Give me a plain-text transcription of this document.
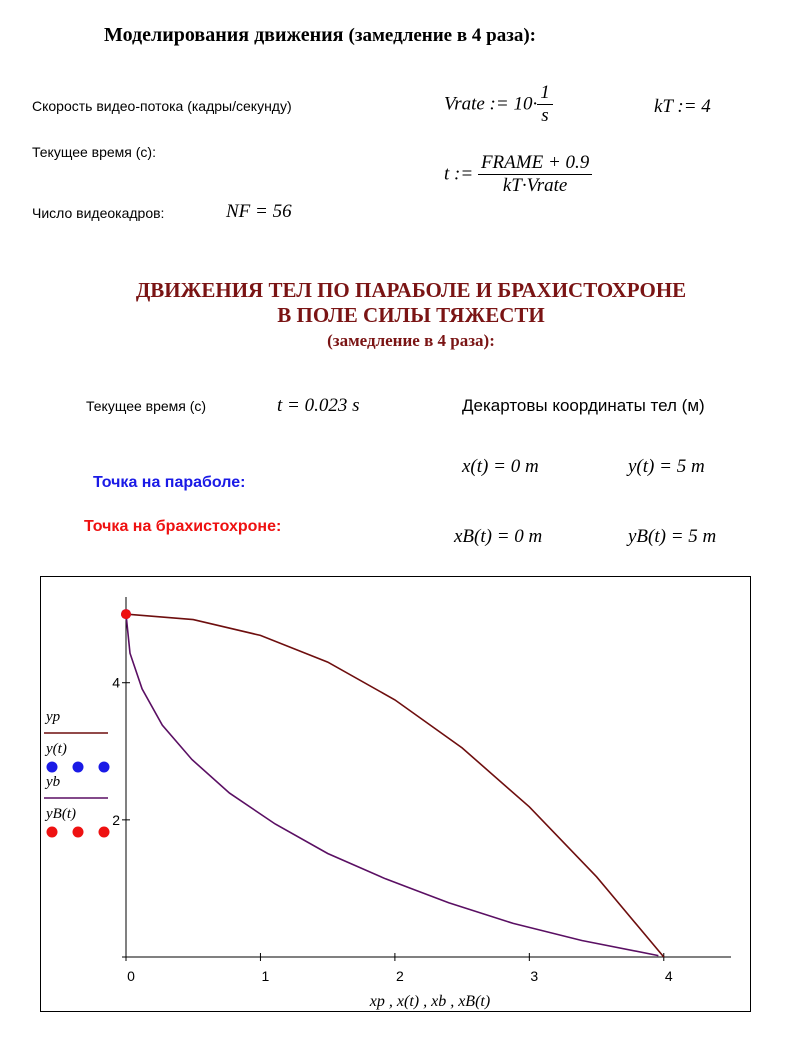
Моделирования движения (замедление в 4 раза):
Скорость видео-потока (кадры/секунду)	Vrate := $10\cdot \frac{1}{s}$	kT := 4
Текущее время (с):
t := $\frac{\text{FRAME + 0.9}}{\text{kT·Vrate}}$
Число видеокадров:	NF = 56
ДВИЖЕНИЯ ТЕЛ ПО ПАРАБОЛЕ И БРАХИСТОХРОНЕ
В ПОЛЕ СИЛЫ ТЯЖЕСТИ
(замедление в 4 раза):
Текущее время (с)	t = 0.023 s	Декартовы координаты тел (м)
Точка на параболе:
Точка на брахистохроне:
x(t) = 0 m	y(t) = 5 m
xB(t) = 0 m	yB(t) = 5 m
0	1	2	3	4
2
4
xp , x(t) , xb , xB(t)
yp
y(t)
yb
yB(t)
